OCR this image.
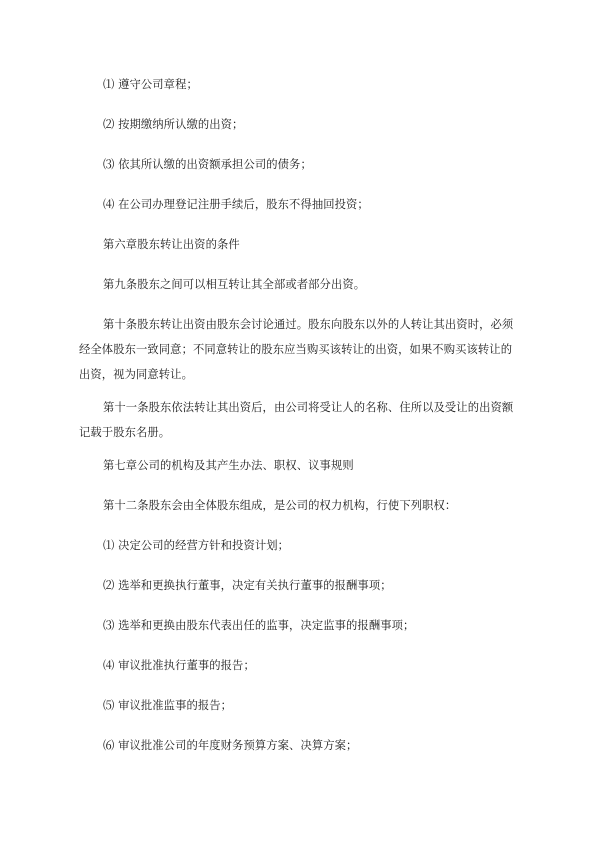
⑴ 遵守公司章程；

⑵ 按期缴纳所认缴的出资；

⑶ 依其所认缴的出资额承担公司的债务；

⑷ 在公司办理登记注册手续后，股东不得抽回投资；

第六章股东转让出资的条件

第九条股东之间可以相互转让其全部或者部分出资。

第十条股东转让出资由股东会讨论通过。股东向股东以外的人转让其出资时，必须经全体股东一致同意；不同意转让的股东应当购买该转让的出资，如果不购买该转让的出资，视为同意转让。

第十一条股东依法转让其出资后，由公司将受让人的名称、住所以及受让的出资额记载于股东名册。

第七章公司的机构及其产生办法、职权、议事规则

第十二条股东会由全体股东组成，是公司的权力机构，行使下列职权：

⑴ 决定公司的经营方针和投资计划；

⑵ 选举和更换执行董事，决定有关执行董事的报酬事项；

⑶ 选举和更换由股东代表出任的监事，决定监事的报酬事项；

⑷ 审议批准执行董事的报告；

⑸ 审议批准监事的报告；

⑹ 审议批准公司的年度财务预算方案、决算方案；
